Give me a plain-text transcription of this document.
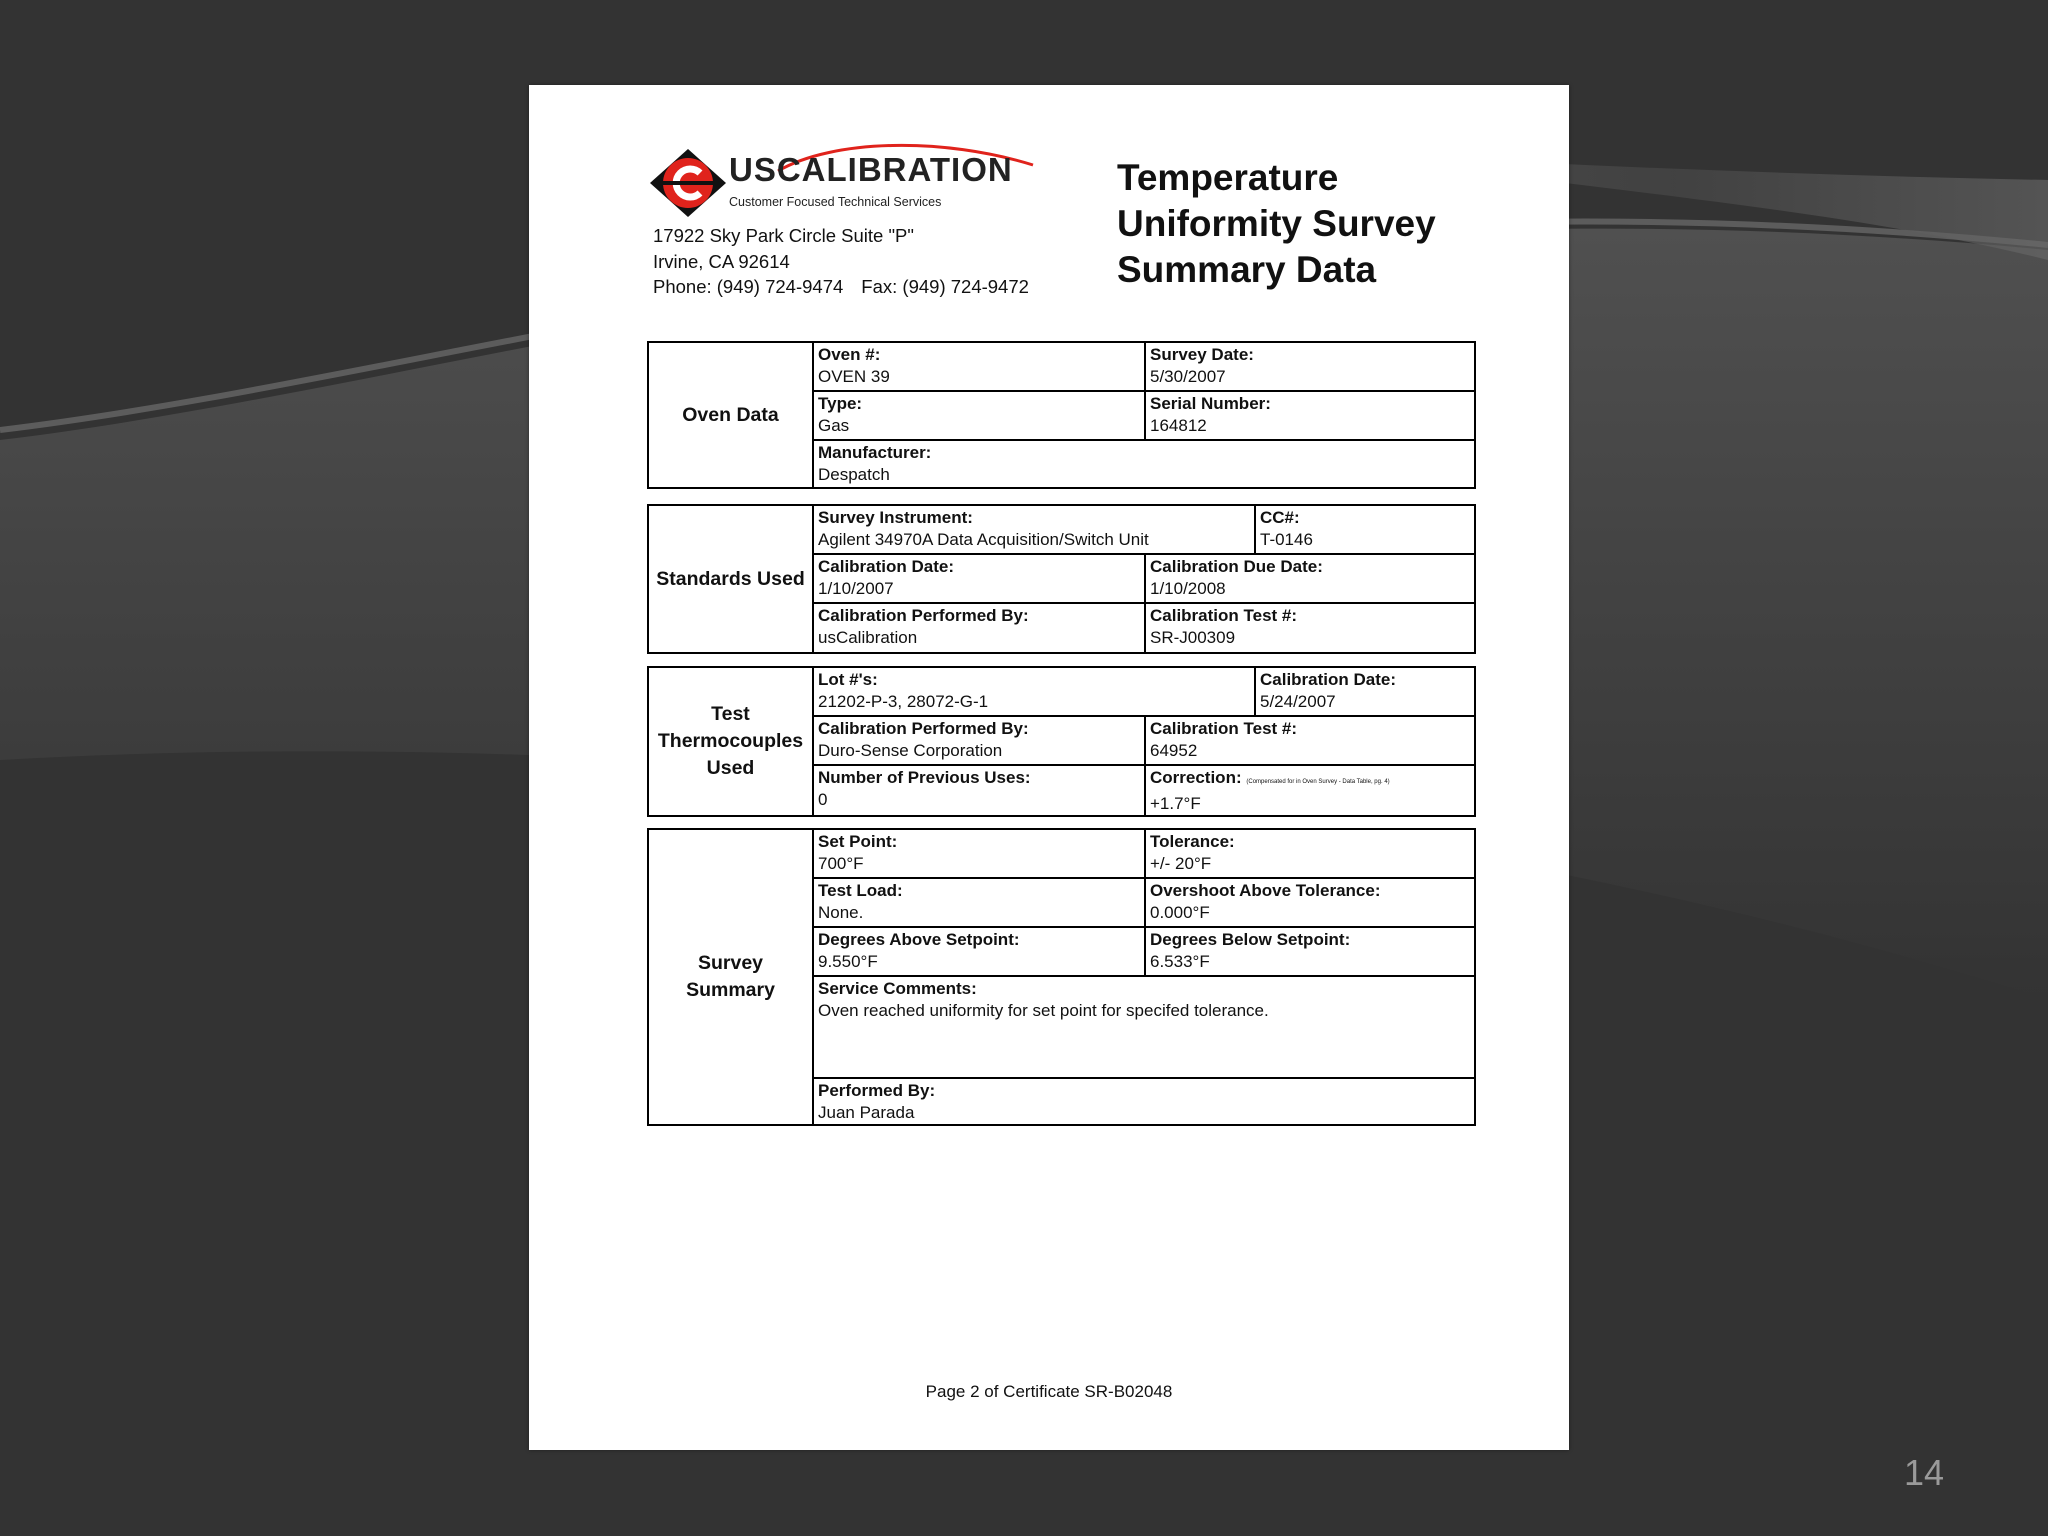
14
USCALIBRATION
Customer Focused Technical Services
17922 Sky Park Circle Suite "P"
Irvine, CA 92614
Phone: (949) 724-9474 Fax: (949) 724-9472
Temperature
Uniformity Survey
Summary Data
Oven Data
Oven #:
OVEN 39
Survey Date:
5/30/2007
Type:
Gas
Serial Number:
164812
Manufacturer:
Despatch
Standards Used
Survey Instrument:
Agilent 34970A Data Acquisition/Switch Unit
CC#:
T-0146
Calibration Date:
1/10/2007
Calibration Due Date:
1/10/2008
Calibration Performed By:
usCalibration
Calibration Test #:
SR-J00309
Test
Thermocouples
Used
Lot #'s:
21202-P-3, 28072-G-1
Calibration Date:
5/24/2007
Calibration Performed By:
Duro-Sense Corporation
Calibration Test #:
64952
Number of Previous Uses:
0
Correction: (Compensated for in Oven Survey - Data Table, pg. 4)
+1.7°F
Survey
Summary
Set Point:
700°F
Tolerance:
+/- 20°F
Test Load:
None.
Overshoot Above Tolerance:
0.000°F
Degrees Above Setpoint:
9.550°F
Degrees Below Setpoint:
6.533°F
Service Comments:
Oven reached uniformity for set point for specifed tolerance.
Performed By:
Juan Parada
Page 2 of Certificate SR-B02048
